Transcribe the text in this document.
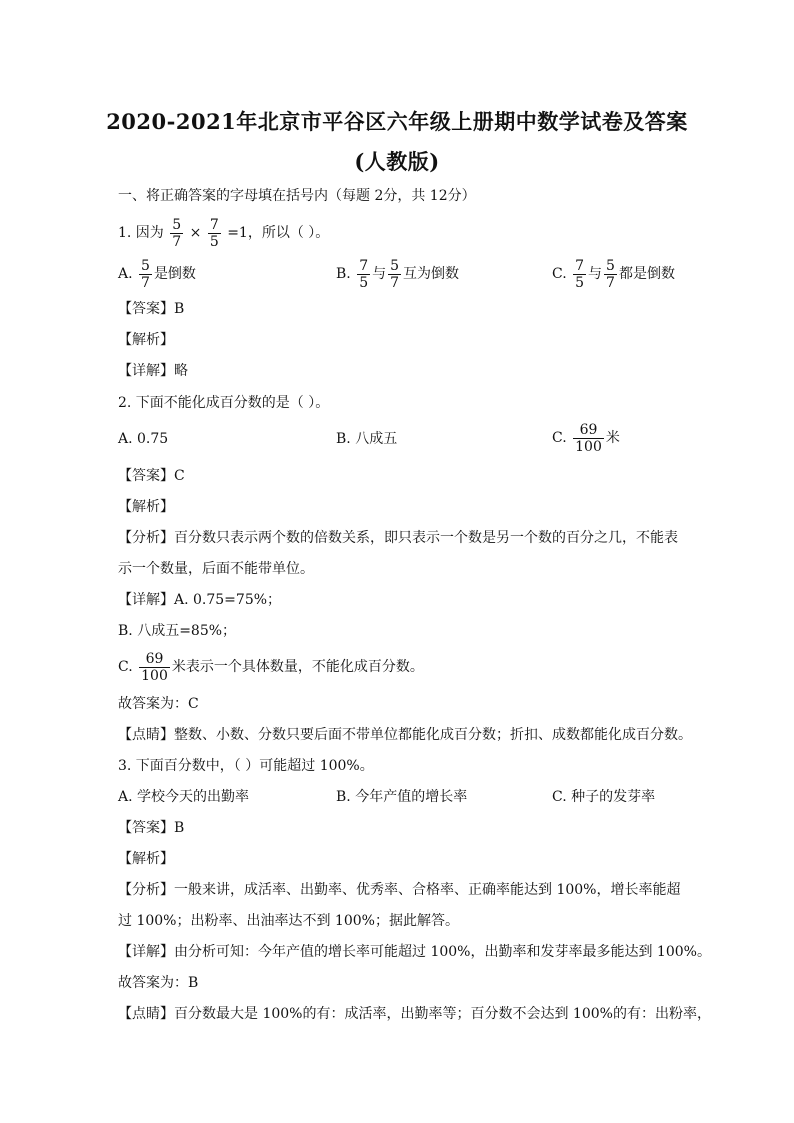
2020-2021年北京市平谷区六年级上册期中数学试卷及答案
(人教版)
一、将正确答案的字母填在括号内（每题 2分，共 12分）
1. 因为 $\frac{5}{7} \times \frac{7}{5} =1$，所以（ ）。
A. $\frac{5}{7}$ 是倒数	B. $\frac{7}{5}$ 与 $\frac{5}{7}$ 互为倒数	C. $\frac{7}{5}$ 与 $\frac{5}{7}$ 都是倒数
【答案】B
【解析】
【详解】略
2. 下面不能化成百分数的是（ ）。
A. 0.75	B. 八成五	C. $\frac{69}{100}$ 米
【答案】C
【解析】
【分析】百分数只表示两个数的倍数关系，即只表示一个数是另一个数的百分之几，不能表
示一个数量，后面不能带单位。
【详解】A. 0.75=75%；
B. 八成五=85%；
C. $\frac{69}{100}$ 米表示一个具体数量，不能化成百分数。
故答案为：C
【点睛】整数、小数、分数只要后面不带单位都能化成百分数；折扣、成数都能化成百分数。
3. 下面百分数中，（ ）可能超过 100%。
A. 学校今天的出勤率	B. 今年产值的增长率	C. 种子的发芽率
【答案】B
【解析】
【分析】一般来讲，成活率、出勤率、优秀率、合格率、正确率能达到 100%，增长率能超
过 100%；出粉率、出油率达不到 100%；据此解答。
【详解】由分析可知：今年产值的增长率可能超过 100%，出勤率和发芽率最多能达到 100%。
故答案为：B
【点睛】百分数最大是 100%的有：成活率，出勤率等；百分数不会达到 100%的有：出粉率，
